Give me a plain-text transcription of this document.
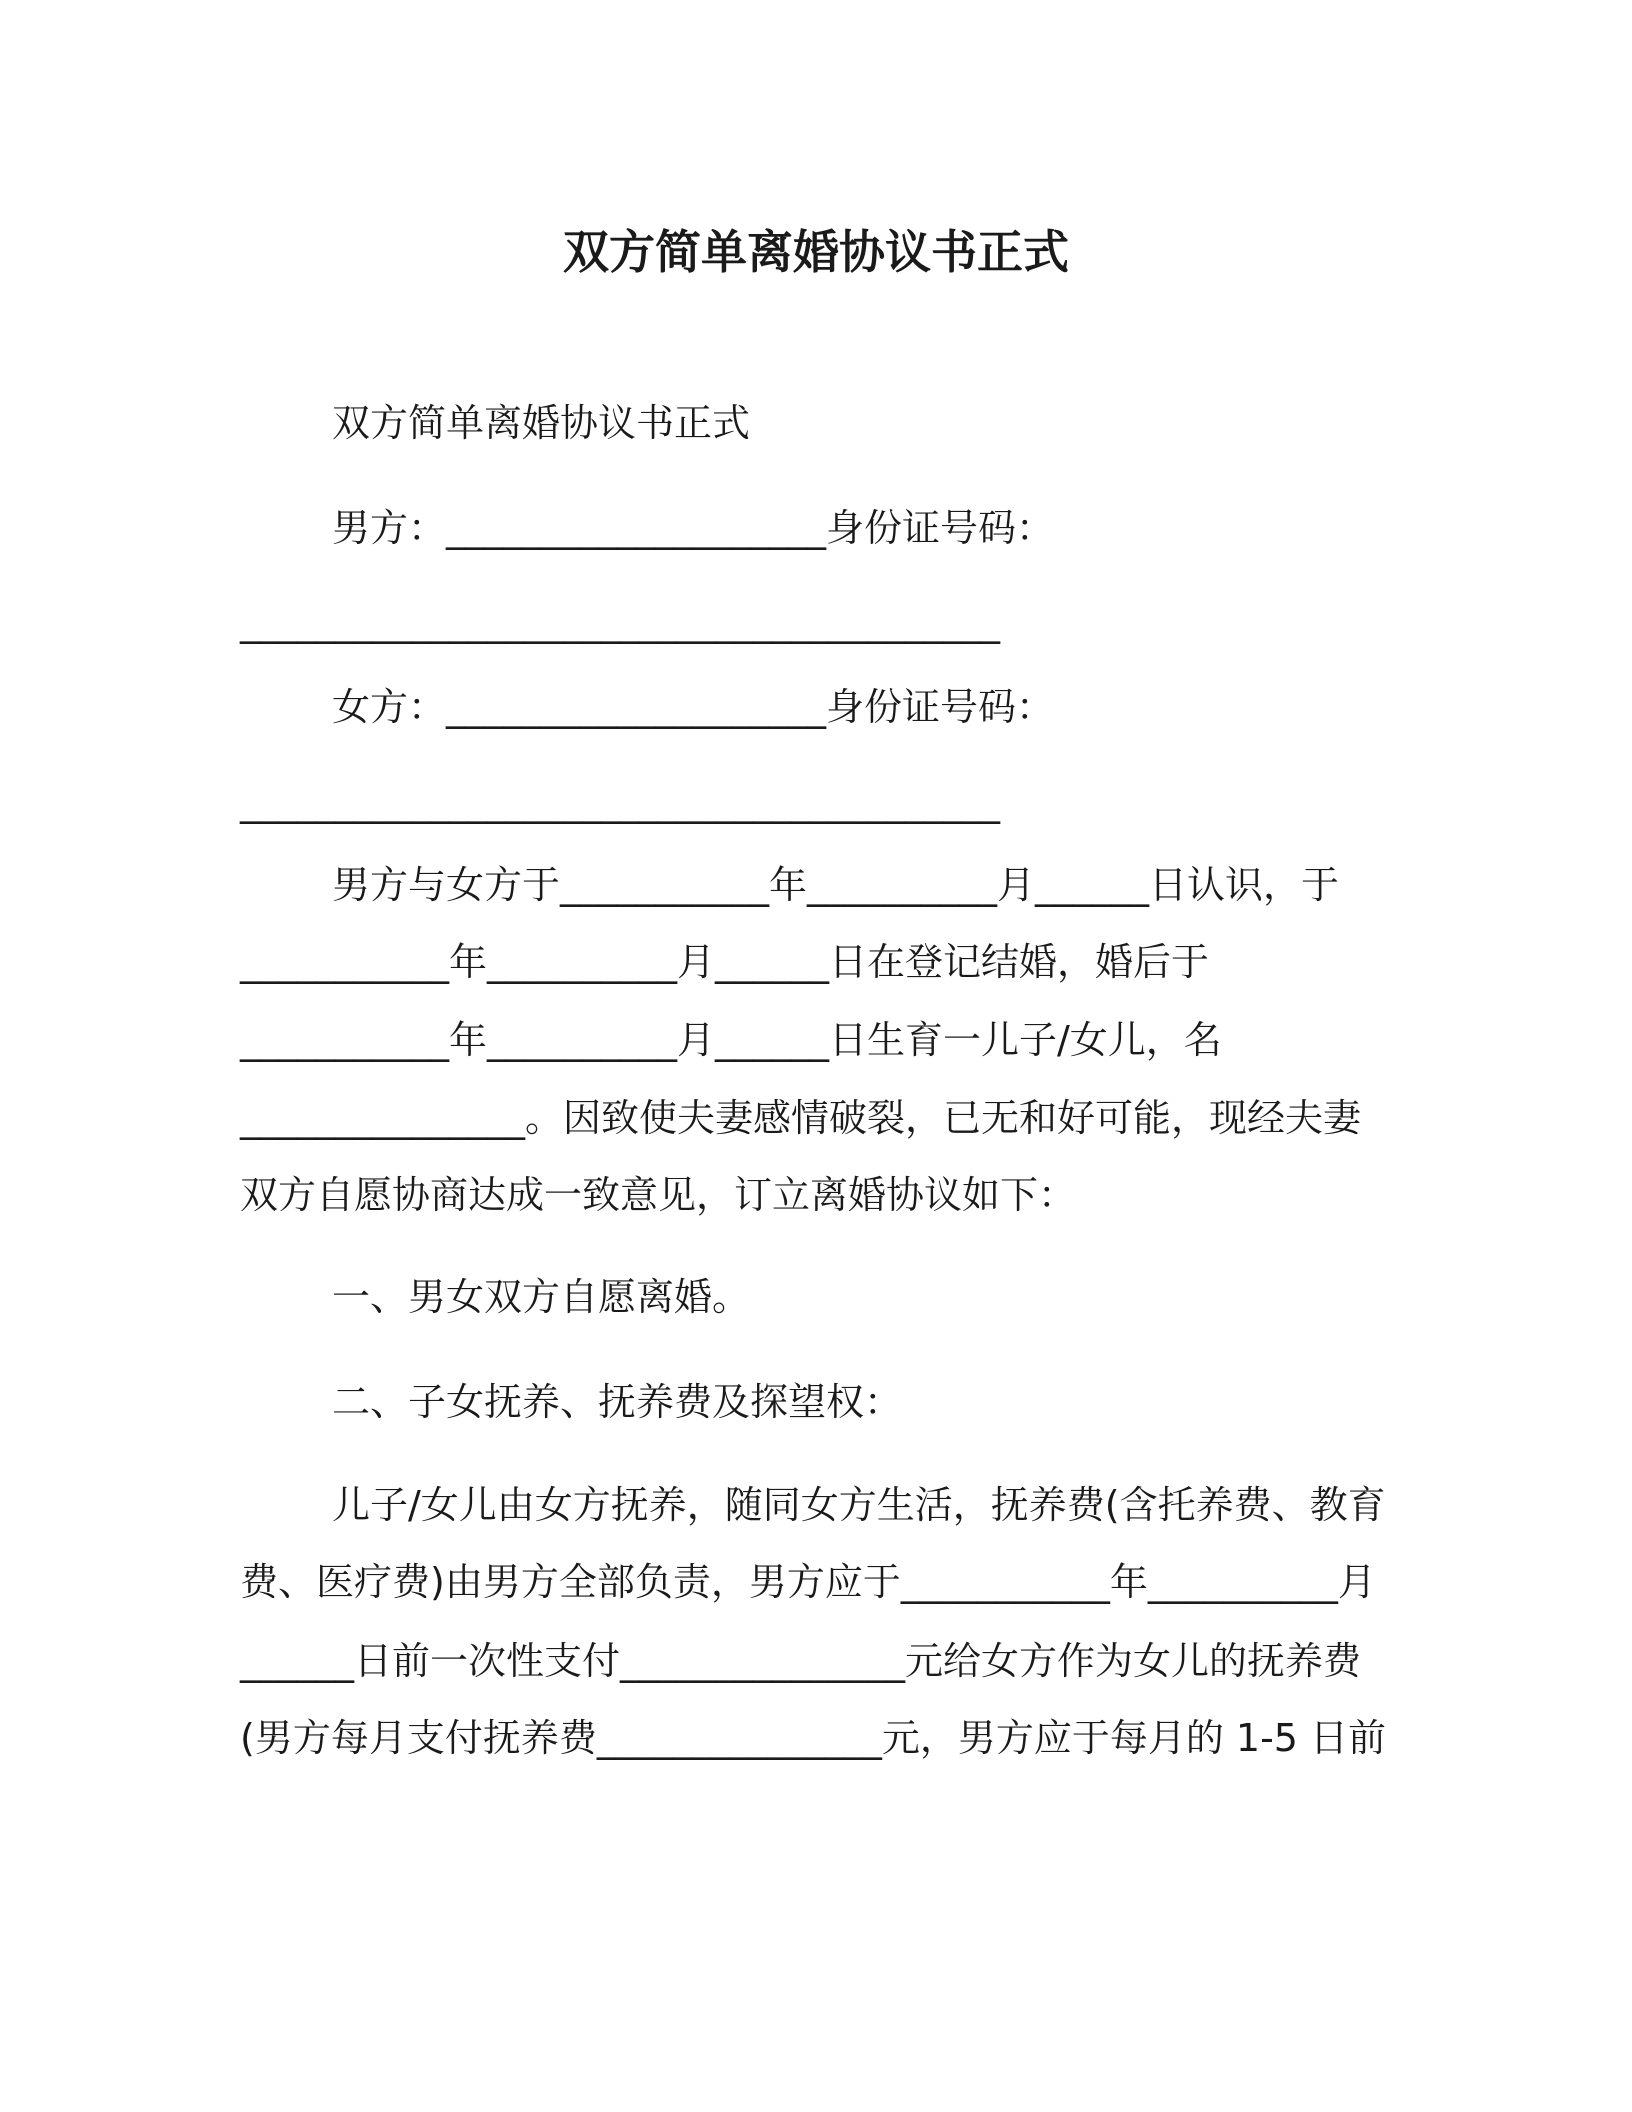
双方简单离婚协议书正式

双方简单离婚协议书正式

男方：____________________身份证号码：

________________________________________

女方：____________________身份证号码：

________________________________________

男方与女方于___________年__________月______日认识，于

___________年__________月______日在登记结婚，婚后于

___________年__________月______日生育一儿子/女儿，名

_______________。因致使夫妻感情破裂，已无和好可能，现经夫妻

双方自愿协商达成一致意见，订立离婚协议如下：

一、男女双方自愿离婚。

二、子女抚养、抚养费及探望权：

儿子/女儿由女方抚养，随同女方生活，抚养费(含托养费、教育

费、医疗费)由男方全部负责，男方应于___________年__________月

______日前一次性支付_______________元给女方作为女儿的抚养费

(男方每月支付抚养费_______________元，男方应于每月的 1-5 日前
